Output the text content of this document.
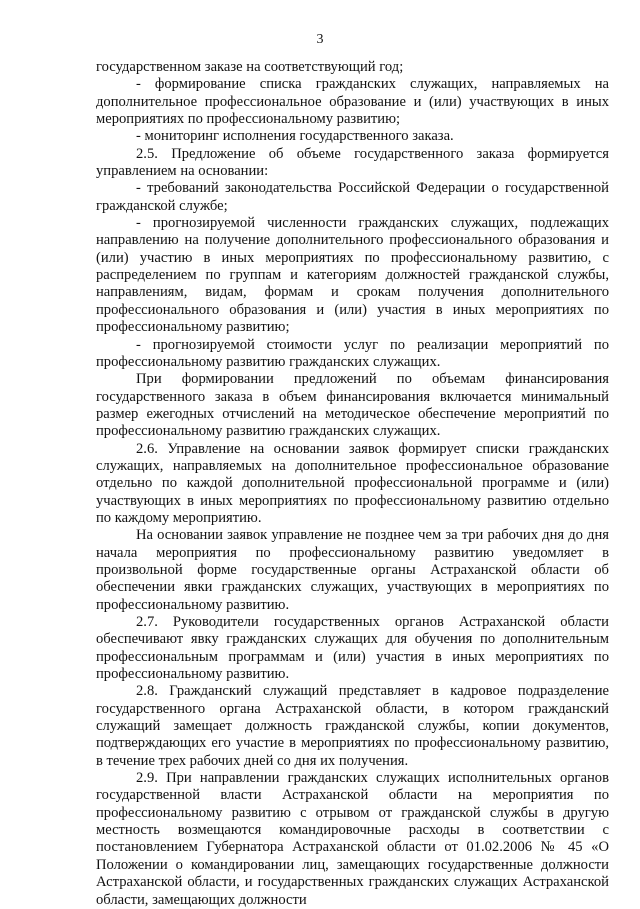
3

государственном заказе на соответствующий год;

- формирование списка гражданских служащих, направляемых на дополнительное профессиональное образование и (или) участвующих в иных мероприятиях по профессиональному развитию;

- мониторинг исполнения государственного заказа.

2.5. Предложение об объеме государственного заказа формируется управлением на основании:

- требований законодательства Российской Федерации о государственной гражданской службе;

- прогнозируемой численности гражданских служащих, подлежащих направлению на получение дополнительного профессионального образования и (или) участию в иных мероприятиях по профессиональному развитию, с распределением по группам и категориям должностей гражданской службы, направлениям, видам, формам и срокам получения дополнительного профессионального образования и (или) участия в иных мероприятиях по профессиональному развитию;

- прогнозируемой стоимости услуг по реализации мероприятий по профессиональному развитию гражданских служащих.

При формировании предложений по объемам финансирования государственного заказа в объем финансирования включается минимальный размер ежегодных отчислений на методическое обеспечение мероприятий по профессиональному развитию гражданских служащих.

2.6. Управление на основании заявок формирует списки гражданских служащих, направляемых на дополнительное профессиональное образование отдельно по каждой дополнительной профессиональной программе и (или) участвующих в иных мероприятиях по профессиональному развитию отдельно по каждому мероприятию.

На основании заявок управление не позднее чем за три рабочих дня до дня начала мероприятия по профессиональному развитию уведомляет в произвольной форме государственные органы Астраханской области об обеспечении явки гражданских служащих, участвующих в мероприятиях по профессиональному развитию.

2.7. Руководители государственных органов Астраханской области обеспечивают явку гражданских служащих для обучения по дополнительным профессиональным программам и (или) участия в иных мероприятиях по профессиональному развитию.

2.8. Гражданский служащий представляет в кадровое подразделение государственного органа Астраханской области, в котором гражданский служащий замещает должность гражданской службы, копии документов, подтверждающих его участие в мероприятиях по профессиональному развитию, в течение трех рабочих дней со дня их получения.

2.9. При направлении гражданских служащих исполнительных органов государственной власти Астраханской области на мероприятия по профессиональному развитию с отрывом от гражданской службы в другую местность возмещаются командировочные расходы в соответствии с постановлением Губернатора Астраханской области от 01.02.2006 № 45 «О Положении о командировании лиц, замещающих государственные должности Астраханской области, и государственных гражданских служащих Астраханской области, замещающих должности
